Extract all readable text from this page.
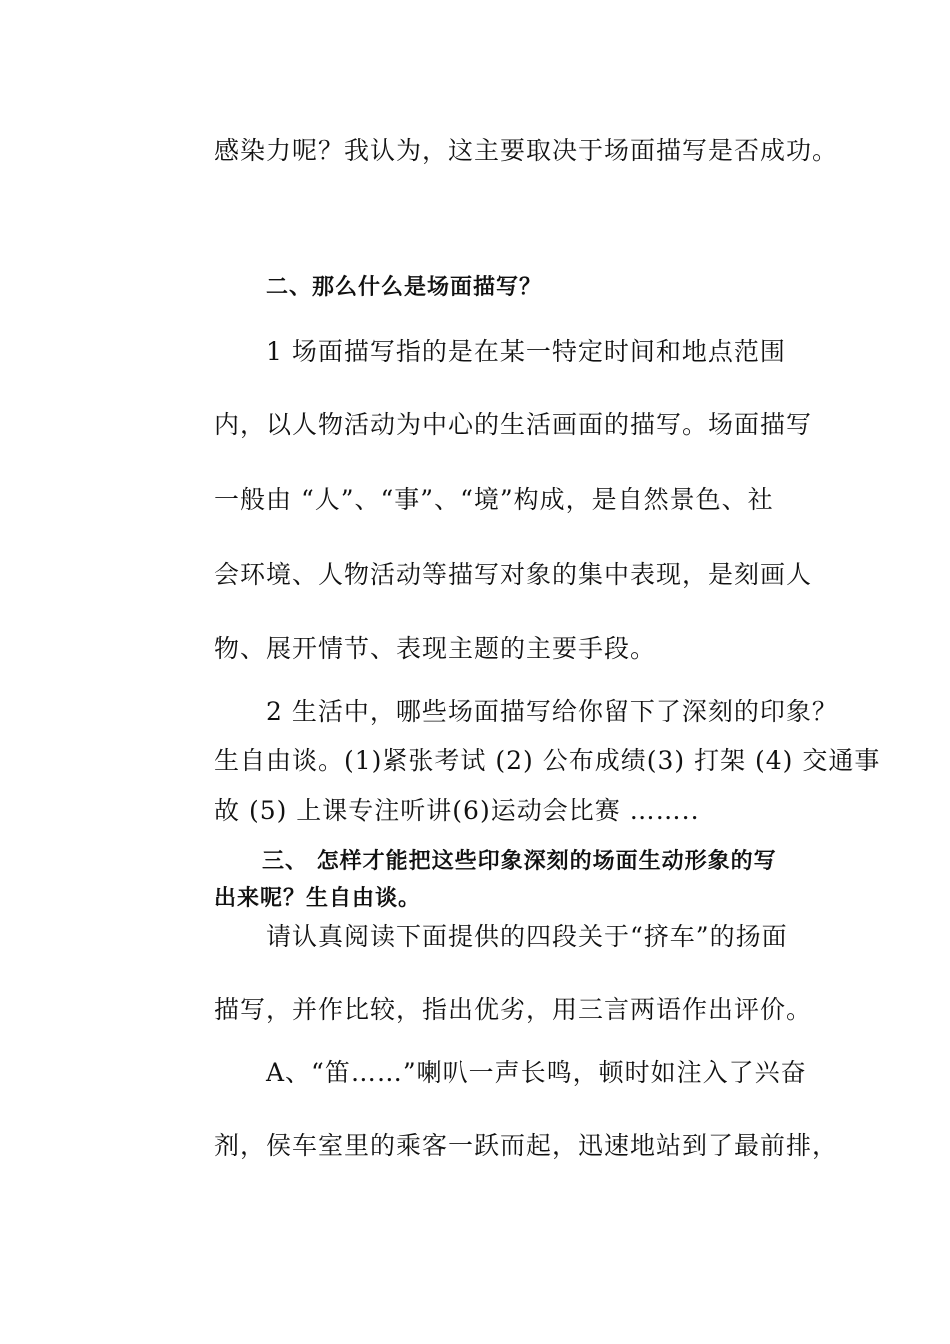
感染力呢？我认为，这主要取决于场面描写是否成功。
二、那么什么是场面描写？
1 场面描写指的是在某一特定时间和地点范围
内，以人物活动为中心的生活画面的描写。场面描写
一般由 “人”、“事”、“境”构成，是自然景色、社
会环境、人物活动等描写对象的集中表现，是刻画人
物、展开情节、表现主题的主要手段。
2 生活中，哪些场面描写给你留下了深刻的印象？
生自由谈。(1)紧张考试 (2) 公布成绩(3) 打架 (4) 交通事
故 (5) 上课专注听讲(6)运动会比赛 ……..
三、 怎样才能把这些印象深刻的场面生动形象的写
出来呢？生自由谈。
请认真阅读下面提供的四段关于“挤车”的扬面
描写，并作比较，指出优劣，用三言两语作出评价。
A、“笛……”喇叭一声长鸣，顿时如注入了兴奋
剂，侯车室里的乘客一跃而起，迅速地站到了最前排，
